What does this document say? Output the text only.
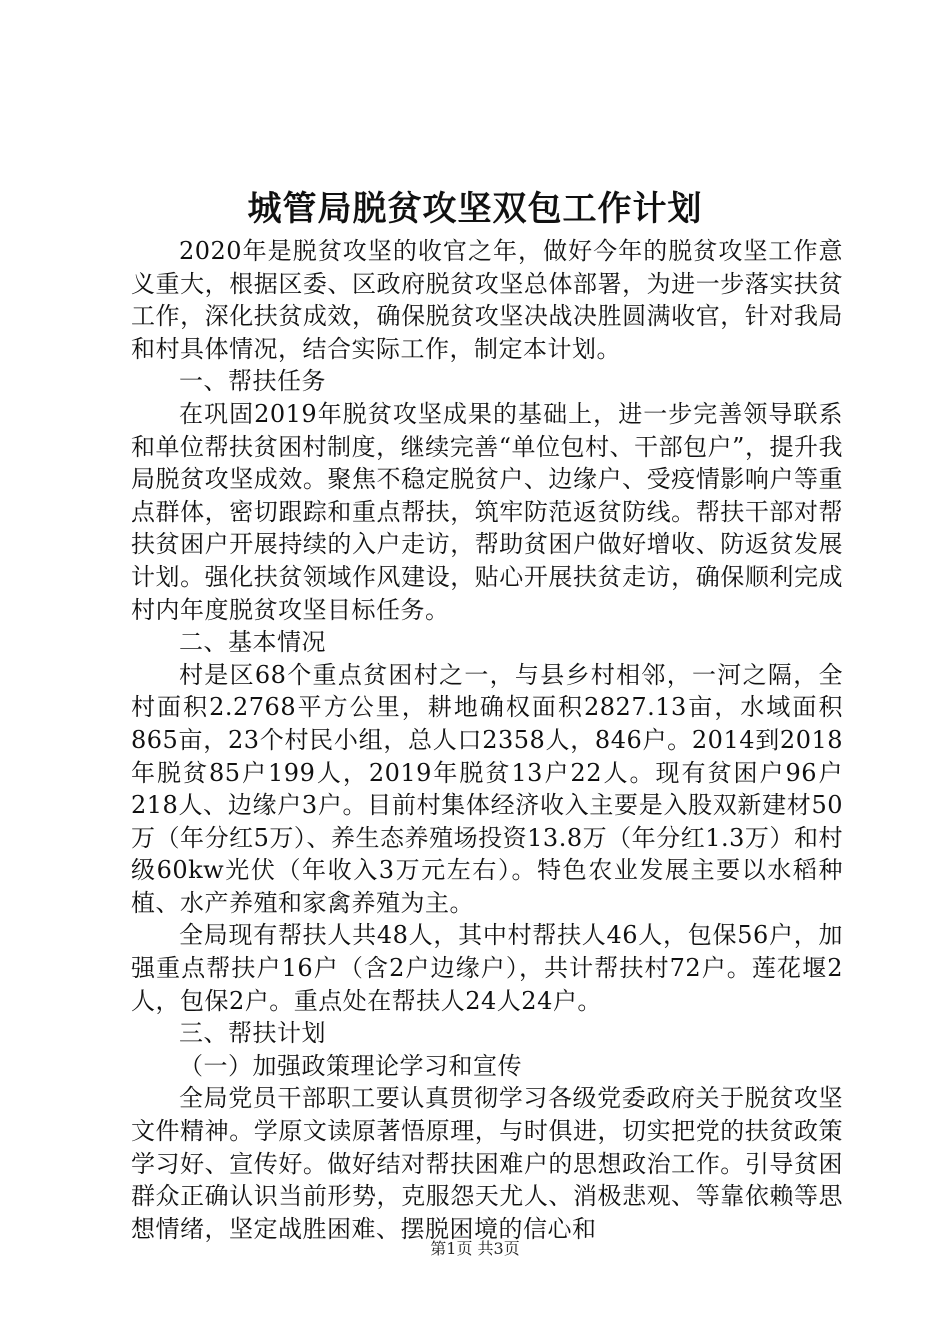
城管局脱贫攻坚双包工作计划

2020年是脱贫攻坚的收官之年，做好今年的脱贫攻坚工作意义重大，根据区委、区政府脱贫攻坚总体部署，为进一步落实扶贫工作，深化扶贫成效，确保脱贫攻坚决战决胜圆满收官，针对我局和村具体情况，结合实际工作，制定本计划。

一、帮扶任务

在巩固2019年脱贫攻坚成果的基础上，进一步完善领导联系和单位帮扶贫困村制度，继续完善“单位包村、干部包户”，提升我局脱贫攻坚成效。聚焦不稳定脱贫户、边缘户、受疫情影响户等重点群体，密切跟踪和重点帮扶，筑牢防范返贫防线。帮扶干部对帮扶贫困户开展持续的入户走访，帮助贫困户做好增收、防返贫发展计划。强化扶贫领域作风建设，贴心开展扶贫走访，确保顺利完成村内年度脱贫攻坚目标任务。

二、基本情况

村是区68个重点贫困村之一，与县乡村相邻，一河之隔，全村面积2.2768平方公里，耕地确权面积2827.13亩，水域面积865亩，23个村民小组，总人口2358人，846户。2014到2018年脱贫85户199人，2019年脱贫13户22人。现有贫困户96户218人、边缘户3户。目前村集体经济收入主要是入股双新建材50万（年分红5万）、养生态养殖场投资13.8万（年分红1.3万）和村级60kw光伏（年收入3万元左右）。特色农业发展主要以水稻种植、水产养殖和家禽养殖为主。

全局现有帮扶人共48人，其中村帮扶人46人，包保56户，加强重点帮扶户16户（含2户边缘户），共计帮扶村72户。莲花堰2人，包保2户。重点处在帮扶人24人24户。

三、帮扶计划

（一）加强政策理论学习和宣传

全局党员干部职工要认真贯彻学习各级党委政府关于脱贫攻坚文件精神。学原文读原著悟原理，与时俱进，切实把党的扶贫政策学习好、宣传好。做好结对帮扶困难户的思想政治工作。引导贫困群众正确认识当前形势，克服怨天尤人、消极悲观、等靠依赖等思想情绪，坚定战胜困难、摆脱困境的信心和

第1页 共3页
